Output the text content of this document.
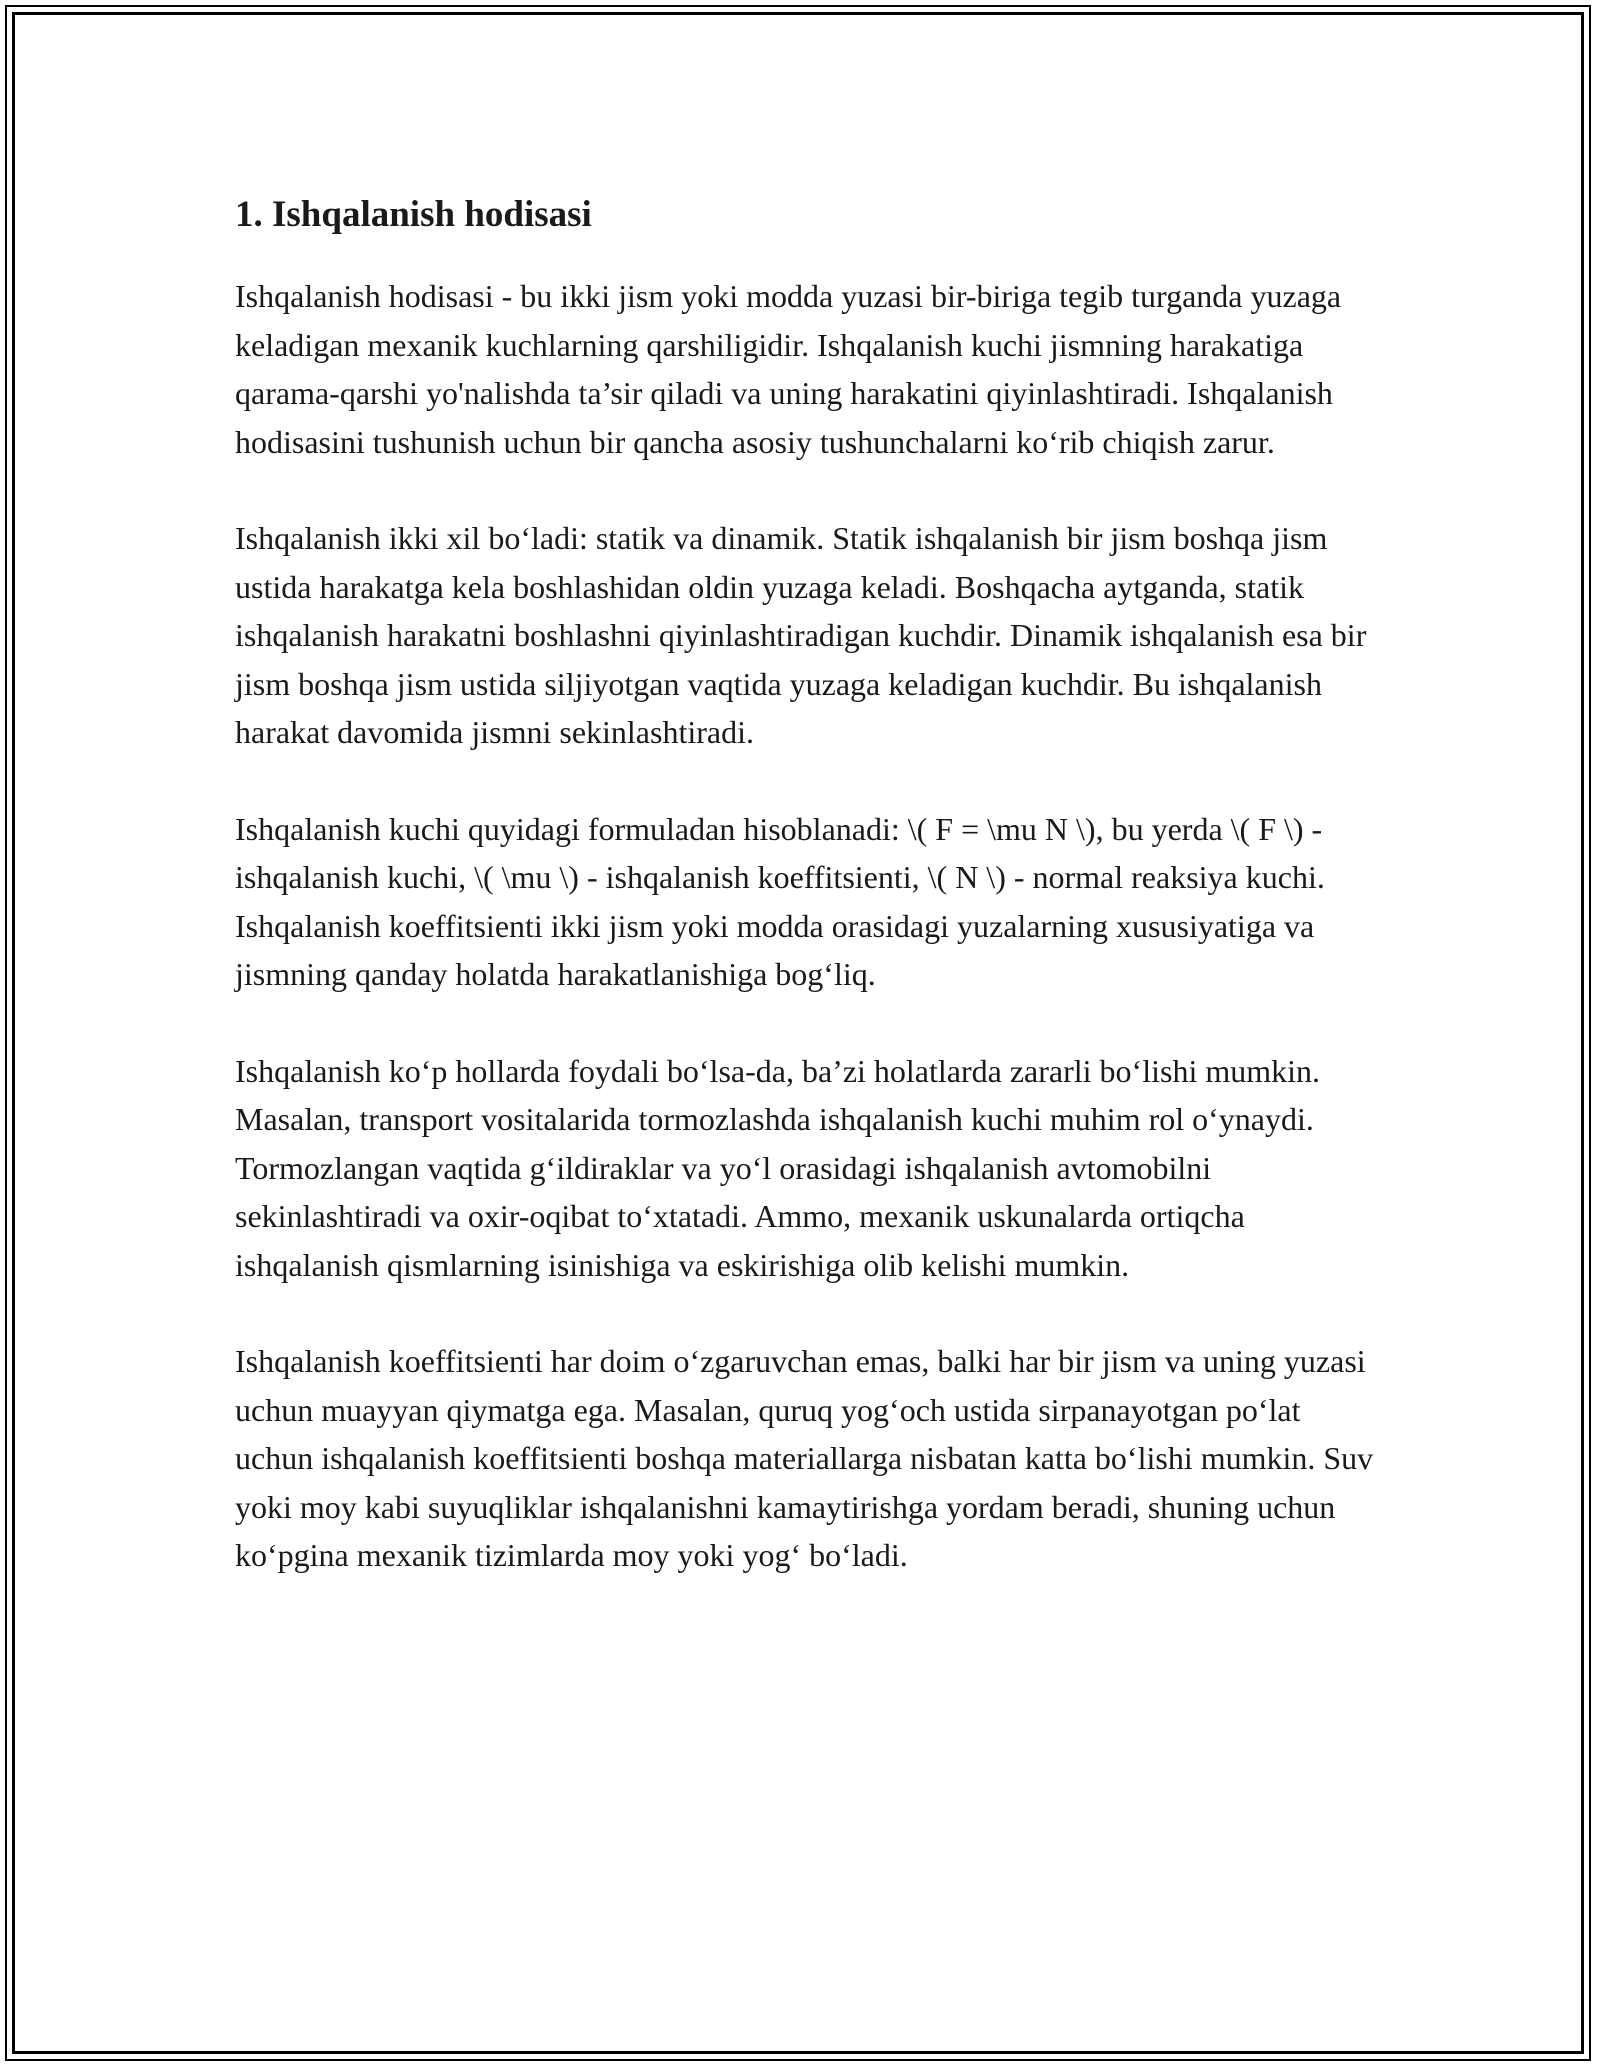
1. Ishqalanish hodisasi

Ishqalanish hodisasi - bu ikki jism yoki modda yuzasi bir-biriga tegib turganda yuzaga keladigan mexanik kuchlarning qarshiligidir. Ishqalanish kuchi jismning harakatiga qarama-qarshi yo'nalishda ta’sir qiladi va uning harakatini qiyinlashtiradi. Ishqalanish hodisasini tushunish uchun bir qancha asosiy tushunchalarni ko‘rib chiqish zarur.

Ishqalanish ikki xil bo‘ladi: statik va dinamik. Statik ishqalanish bir jism boshqa jism ustida harakatga kela boshlashidan oldin yuzaga keladi. Boshqacha aytganda, statik ishqalanish harakatni boshlashni qiyinlashtiradigan kuchdir. Dinamik ishqalanish esa bir jism boshqa jism ustida siljiyotgan vaqtida yuzaga keladigan kuchdir. Bu ishqalanish harakat davomida jismni sekinlashtiradi.

Ishqalanish kuchi quyidagi formuladan hisoblanadi: \( F = \mu N \), bu yerda \( F \) - ishqalanish kuchi, \( \mu \) - ishqalanish koeffitsienti, \( N \) - normal reaksiya kuchi. Ishqalanish koeffitsienti ikki jism yoki modda orasidagi yuzalarning xususiyatiga va jismning qanday holatda harakatlanishiga bog‘liq.

Ishqalanish ko‘p hollarda foydali bo‘lsa-da, ba’zi holatlarda zararli bo‘lishi mumkin. Masalan, transport vositalarida tormozlashda ishqalanish kuchi muhim rol o‘ynaydi. Tormozlangan vaqtida g‘ildiraklar va yo‘l orasidagi ishqalanish avtomobilni sekinlashtiradi va oxir-oqibat to‘xtatadi. Ammo, mexanik uskunalarda ortiqcha ishqalanish qismlarning isinishiga va eskirishiga olib kelishi mumkin.

Ishqalanish koeffitsienti har doim o‘zgaruvchan emas, balki har bir jism va uning yuzasi uchun muayyan qiymatga ega. Masalan, quruq yog‘och ustida sirpanayotgan po‘lat uchun ishqalanish koeffitsienti boshqa materiallarga nisbatan katta bo‘lishi mumkin. Suv yoki moy kabi suyuqliklar ishqalanishni kamaytirishga yordam beradi, shuning uchun ko‘pgina mexanik tizimlarda moy yoki yog‘ bo‘ladi.
